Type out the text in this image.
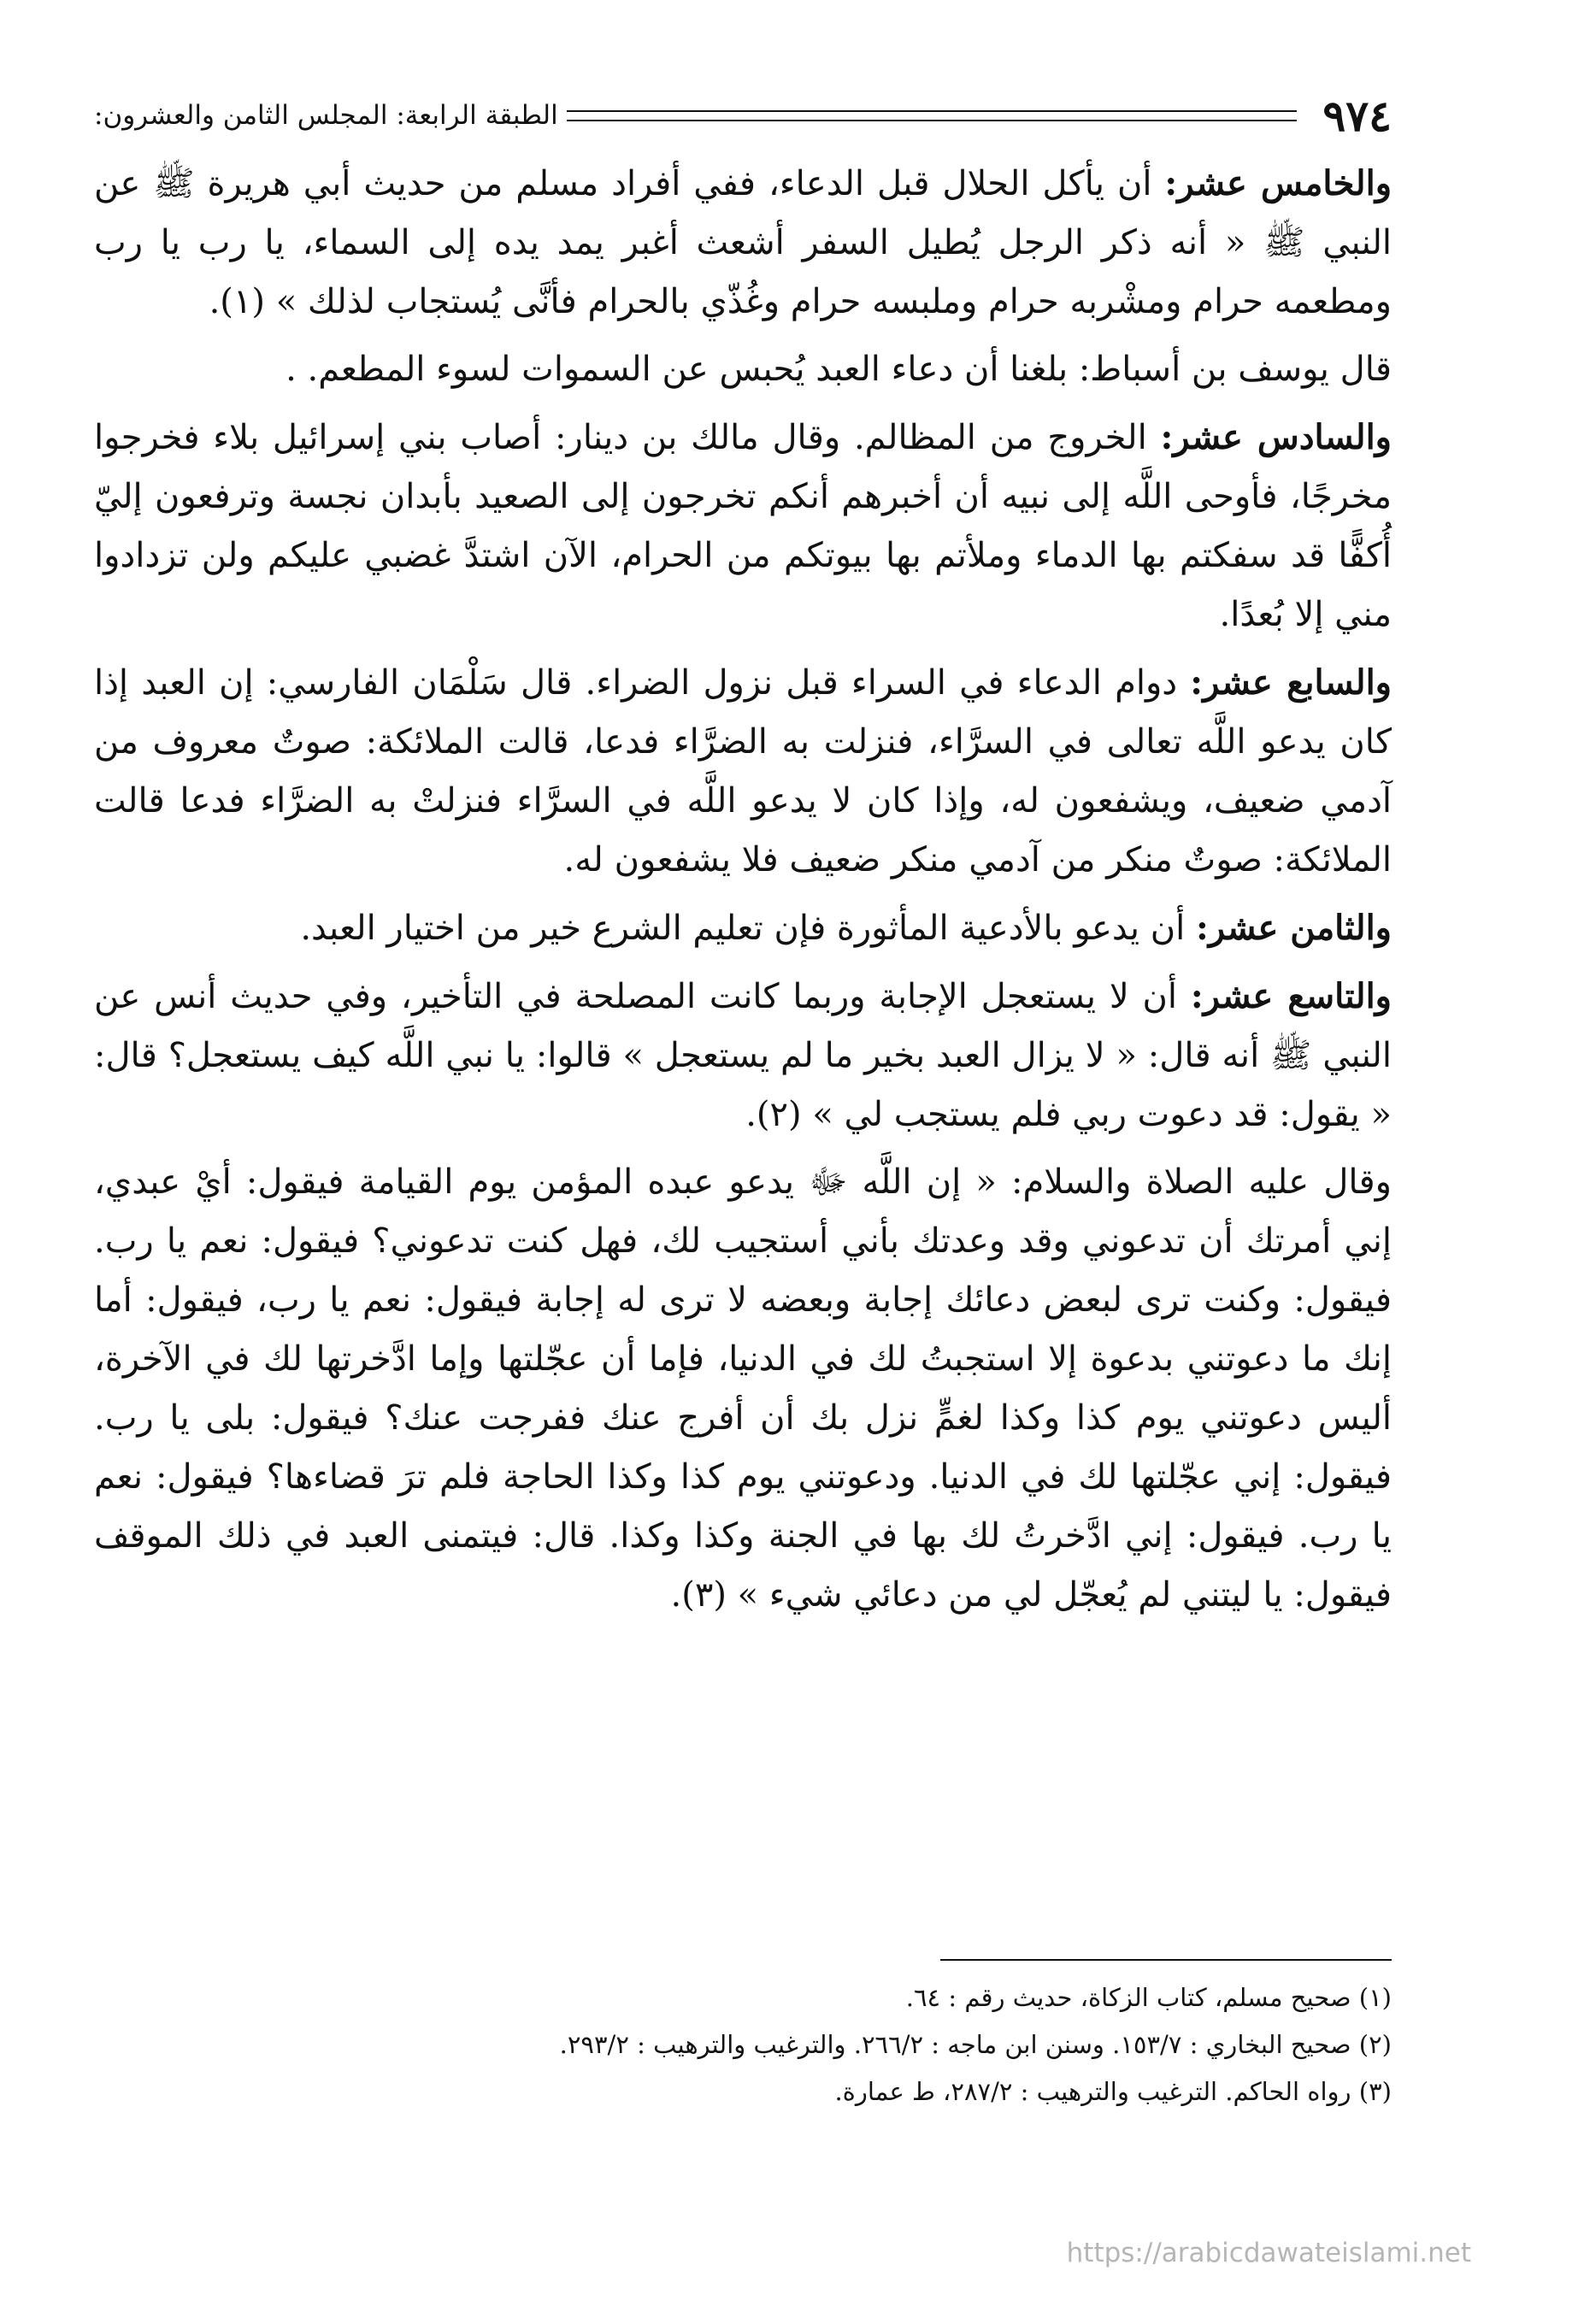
٩٧٤
الطبقة الرابعة: المجلس الثامن والعشرون:

والخامس عشر: أن يأكل الحلال قبل الدعاء، ففي أفراد مسلم من حديث أبي هريرة ﷺ عن النبي ﷺ « أنه ذكر الرجل يُطيل السفر أشعث أغبر يمد يده إلى السماء، يا رب يا رب ومطعمه حرام ومشْربه حرام وملبسه حرام وغُذّي بالحرام فأنَّى يُستجاب لذلك » (١).

قال يوسف بن أسباط: بلغنا أن دعاء العبد يُحبس عن السموات لسوء المطعم. .

والسادس عشر: الخروج من المظالم. وقال مالك بن دينار: أصاب بني إسرائيل بلاء فخرجوا مخرجًا، فأوحى اللَّه إلى نبيه أن أخبرهم أنكم تخرجون إلى الصعيد بأبدان نجسة وترفعون إليّ أُكفًّا قد سفكتم بها الدماء وملأتم بها بيوتكم من الحرام، الآن اشتدَّ غضبي عليكم ولن تزدادوا مني إلا بُعدًا.

والسابع عشر: دوام الدعاء في السراء قبل نزول الضراء. قال سَلْمَان الفارسي: إن العبد إذا كان يدعو اللَّه تعالى في السرَّاء، فنزلت به الضرَّاء فدعا، قالت الملائكة: صوتٌ معروف من آدمي ضعيف، ويشفعون له، وإذا كان لا يدعو اللَّه في السرَّاء فنزلتْ به الضرَّاء فدعا قالت الملائكة: صوتٌ منكر من آدمي منكر ضعيف فلا يشفعون له.

والثامن عشر: أن يدعو بالأدعية المأثورة فإن تعليم الشرع خير من اختيار العبد.

والتاسع عشر: أن لا يستعجل الإجابة وربما كانت المصلحة في التأخير، وفي حديث أنس عن النبي ﷺ أنه قال: « لا يزال العبد بخير ما لم يستعجل » قالوا: يا نبي اللَّه كيف يستعجل؟ قال: « يقول: قد دعوت ربي فلم يستجب لي » (٢).

وقال عليه الصلاة والسلام: « إن اللَّه ﷻ يدعو عبده المؤمن يوم القيامة فيقول: أيْ عبدي، إني أمرتك أن تدعوني وقد وعدتك بأني أستجيب لك، فهل كنت تدعوني؟ فيقول: نعم يا رب. فيقول: وكنت ترى لبعض دعائك إجابة وبعضه لا ترى له إجابة فيقول: نعم يا رب، فيقول: أما إنك ما دعوتني بدعوة إلا استجبتُ لك في الدنيا، فإما أن عجّلتها وإما ادَّخرتها لك في الآخرة، أليس دعوتني يوم كذا وكذا لغمٍّ نزل بك أن أفرج عنك ففرجت عنك؟ فيقول: بلى يا رب. فيقول: إني عجّلتها لك في الدنيا. ودعوتني يوم كذا وكذا الحاجة فلم ترَ قضاءها؟ فيقول: نعم يا رب. فيقول: إني ادَّخرتُ لك بها في الجنة وكذا وكذا. قال: فيتمنى العبد في ذلك الموقف فيقول: يا ليتني لم يُعجّل لي من دعائي شيء » (٣).

(١) صحيح مسلم، كتاب الزكاة، حديث رقم : ٦٤.

(٢) صحيح البخاري : ١٥٣/٧. وسنن ابن ماجه : ٢٦٦/٢. والترغيب والترهيب : ٢٩٣/٢.

(٣) رواه الحاكم. الترغيب والترهيب : ٢٨٧/٢، ط عمارة.

https://arabicdawateislami.net
